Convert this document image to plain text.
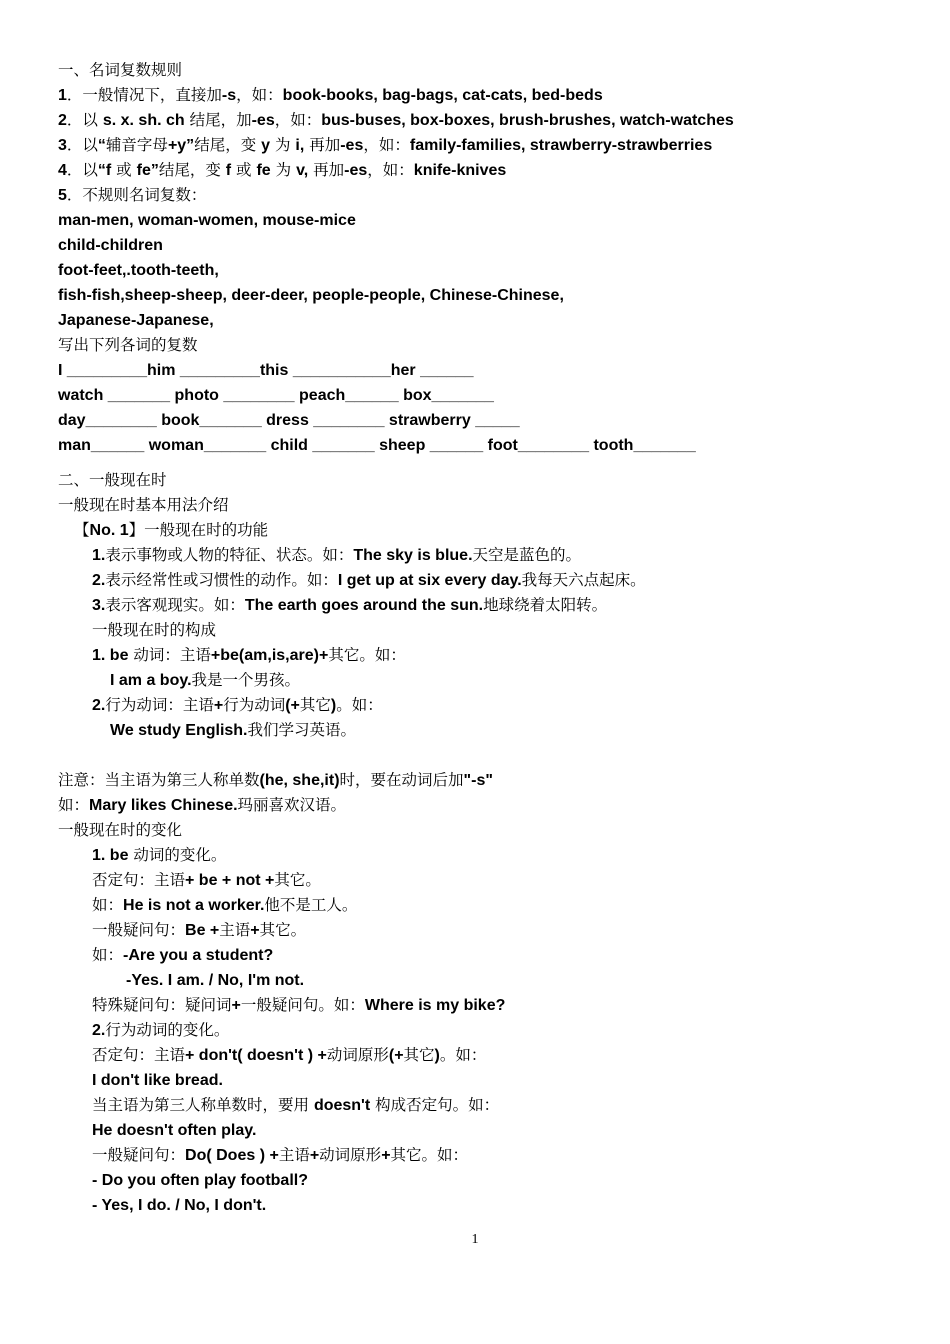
一、名词复数规则
1．一般情况下，直接加-s，如：book-books, bag-bags, cat-cats, bed-beds
2．以 s. x. sh. ch 结尾，加-es，如：bus-buses, box-boxes, brush-brushes, watch-watches
3．以“辅音字母+y”结尾，变 y 为 i, 再加-es，如：family-families, strawberry-strawberries
4．以“f 或 fe”结尾，变 f 或 fe 为 v, 再加-es，如：knife-knives
5．不规则名词复数：
man-men, woman-women, mouse-mice
child-children
foot-feet,.tooth-teeth,
fish-fish,sheep-sheep, deer-deer, people-people, Chinese-Chinese,
Japanese-Japanese,
写出下列各词的复数
I _________him _________this ___________her ______
watch _______ photo ________ peach______ box_______
day________ book_______ dress ________ strawberry _____
man______ woman_______ child _______ sheep ______ foot________ tooth_______
二、一般现在时
一般现在时基本用法介绍
【No. 1】一般现在时的功能
1.表示事物或人物的特征、状态。如：The sky is blue.天空是蓝色的。
2.表示经常性或习惯性的动作。如：I get up at six every day.我每天六点起床。
3.表示客观现实。如：The earth goes around the sun.地球绕着太阳转。
一般现在时的构成
1. be 动词：主语+be(am,is,are)+其它。如：
I am a boy.我是一个男孩。
2.行为动词：主语+行为动词(+其它)。如：
We study English.我们学习英语。
注意：当主语为第三人称单数(he, she,it)时，要在动词后加"-s"
如：Mary likes Chinese.玛丽喜欢汉语。
一般现在时的变化
1. be 动词的变化。
否定句：主语+ be + not +其它。
如：He is not a worker.他不是工人。
一般疑问句：Be +主语+其它。
如：-Are you a student?
-Yes. I am. / No, I'm not.
特殊疑问句：疑问词+一般疑问句。如：Where is my bike?
2.行为动词的变化。
否定句：主语+ don't( doesn't ) +动词原形(+其它)。如：
I don't like bread.
当主语为第三人称单数时，要用 doesn't 构成否定句。如：
He doesn't often play.
一般疑问句：Do( Does ) +主语+动词原形+其它。如：
- Do you often play football?
- Yes, I do. / No, I don't.
1
